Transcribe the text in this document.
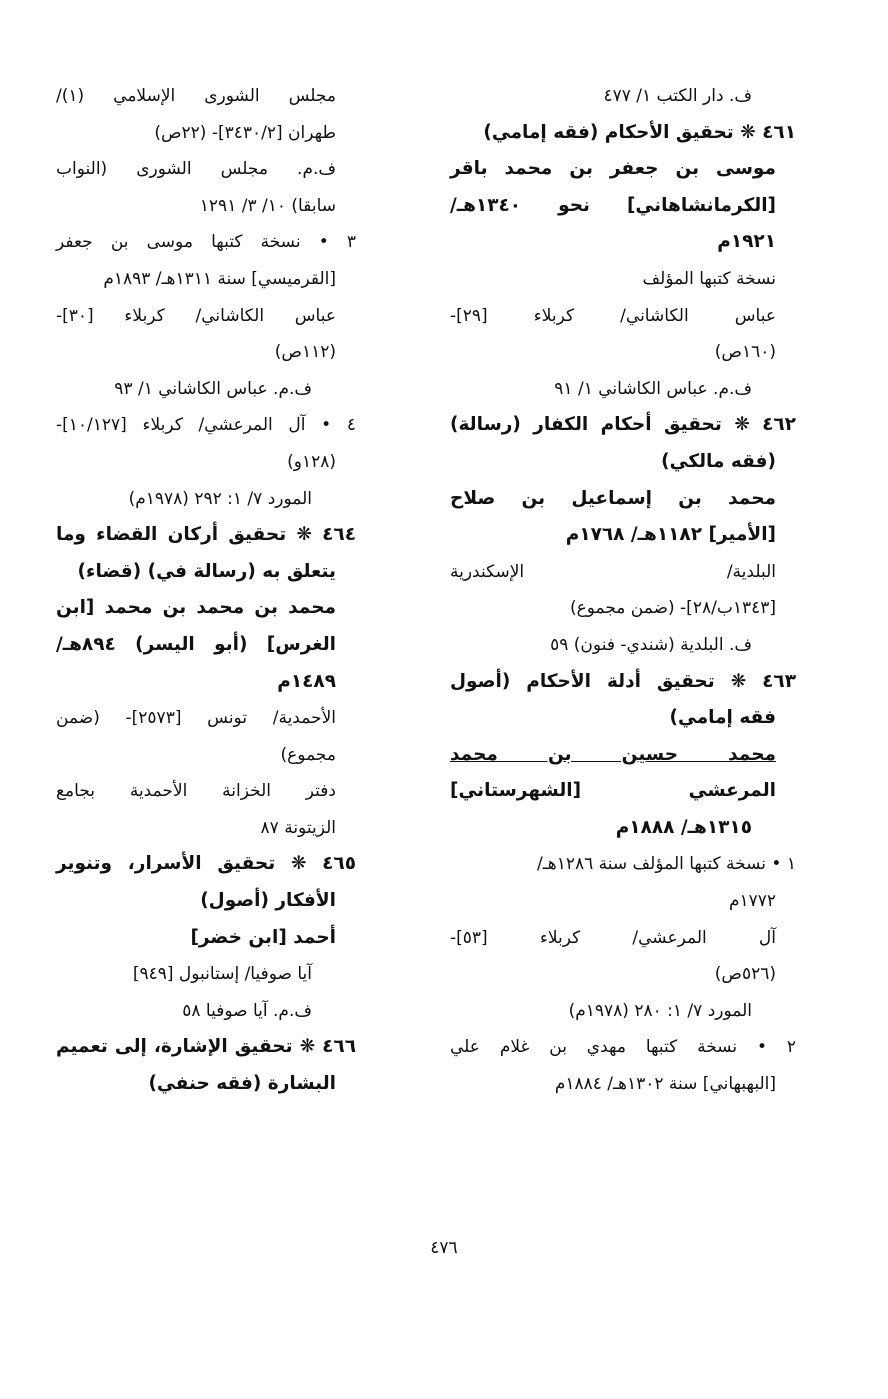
ف. دار الكتب ١/ ٤٧٧
٤٦١ ❋ تحقيق الأحكام (فقه إمامي)
موسى بن جعفر بن محمد باقر
[الكرمانشاهاني] نحو ١٣٤٠هـ/
١٩٢١م
نسخة كتبها المؤلف
عباس الكاشاني/ كربلاء [٢٩]-
(١٦٠ص)
ف.م. عباس الكاشاني ١/ ٩١
٤٦٢ ❋ تحقيق أحكام الكفار (رسالة)
(فقه مالكي)
محمد بن إسماعيل بن صلاح
[الأمير] ١١٨٢هـ/ ١٧٦٨م
البلدية/ الإسكندرية
[١٣٤٣ب/٢٨]- (ضمن مجموع)
ف. البلدية (شندي- فنون) ٥٩
٤٦٣ ❋ تحقيق أدلة الأحكام (أصول
فقه إمامي)
محمد حسين بن محمد
المرعشي [الشهرستاني]
١٣١٥هـ/ ١٨٨٨م
١ • نسخة كتبها المؤلف سنة ١٢٨٦هـ/
١٧٧٢م
آل المرعشي/ كربلاء [٥٣]-
(٥٢٦ص)
المورد ٧/ ١: ٢٨٠ (١٩٧٨م)
٢ • نسخة كتبها مهدي بن غلام علي
[البهبهاني] سنة ١٣٠٢هـ/ ١٨٨٤م
مجلس الشورى الإسلامي (١)/
طهران [٣٤٣٠/٢]- (٢٢ص)
ف.م. مجلس الشورى (النواب
سابقا) ١٠/ ٣/ ١٢٩١
٣ • نسخة كتبها موسى بن جعفر
[القرميسي] سنة ١٣١١هـ/ ١٨٩٣م
عباس الكاشاني/ كربلاء [٣٠]-
(١١٢ص)
ف.م. عباس الكاشاني ١/ ٩٣
٤ • آل المرعشي/ كربلاء [١٠/١٢٧]-
(١٢٨و)
المورد ٧/ ١: ٢٩٢ (١٩٧٨م)
٤٦٤ ❋ تحقيق أركان القضاء وما
يتعلق به (رسالة في) (قضاء)
محمد بن محمد بن محمد [ابن
الغرس] (أبو اليسر) ٨٩٤هـ/
١٤٨٩م
الأحمدية/ تونس [٢٥٧٣]- (ضمن
مجموع)
دفتر الخزانة الأحمدية بجامع
الزيتونة ٨٧
٤٦٥ ❋ تحقيق الأسرار، وتنوير
الأفكار (أصول)
أحمد [ابن خضر]
آيا صوفيا/ إستانبول [٩٤٩]
ف.م. آيا صوفيا ٥٨
٤٦٦ ❋ تحقيق الإشارة، إلى تعميم
البشارة (فقه حنفي)
٤٧٦
